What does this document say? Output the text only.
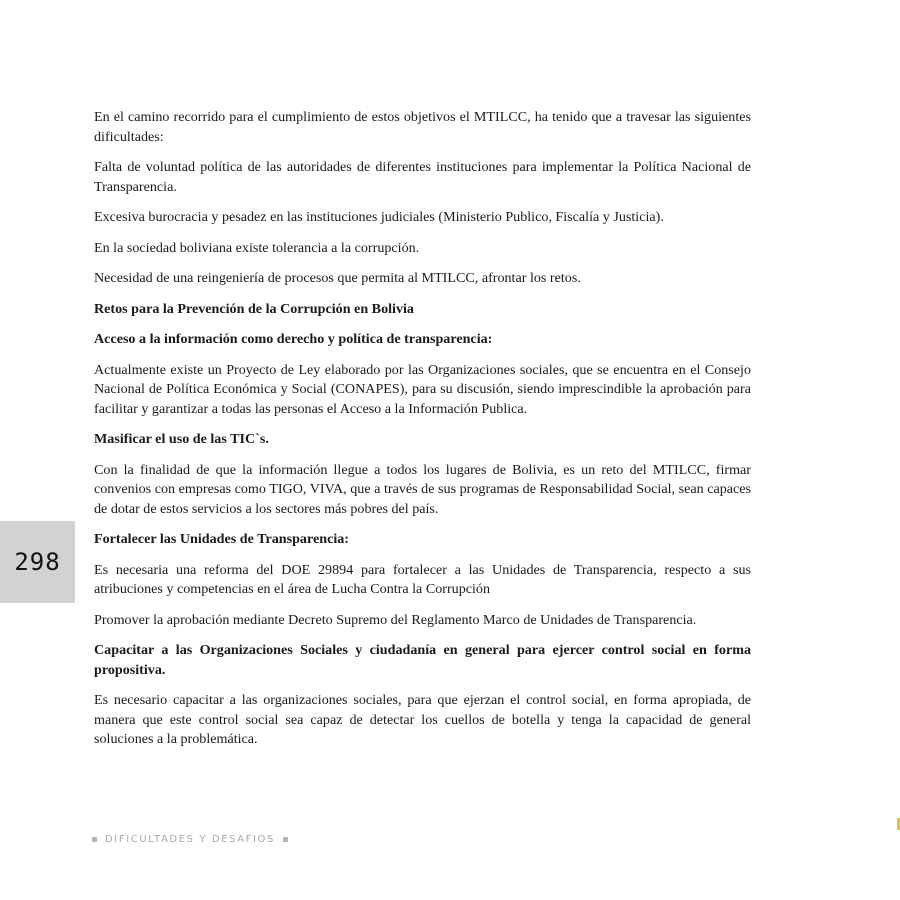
En el camino recorrido para el cumplimiento de estos objetivos el MTILCC, ha tenido que a travesar las siguientes dificultades:

Falta de voluntad política de las autoridades de diferentes instituciones para implementar la Política Nacional de Transparencia.

Excesiva burocracia y pesadez en las instituciones judiciales (Ministerio Publico, Fiscalía y Justicia).

En la sociedad boliviana existe tolerancia a la corrupción.

Necesidad de una reingeniería de procesos que permita al MTILCC, afrontar los retos.

Retos para la Prevención de la Corrupción en Bolivia

Acceso a la información como derecho y política de transparencia:

Actualmente existe un Proyecto de Ley elaborado por las Organizaciones sociales, que se encuentra en el Consejo Nacional de Política Económica y Social (CONAPES), para su discusión, siendo imprescindible la aprobación para facilitar y garantizar a todas las personas el Acceso a la Información Publica.

Masificar el uso de las TIC`s.

Con la finalidad de que la información llegue a todos los lugares de Bolivia, es un reto del MTILCC, firmar convenios con empresas como TIGO, VIVA, que a través de sus programas de Responsabilidad Social, sean capaces de dotar de estos servicios a los sectores más pobres del país.

Fortalecer las Unidades de Transparencia:

Es necesaria una reforma del DOE 29894 para fortalecer a las Unidades de Transparencia, respecto a sus atribuciones y competencias en el área de Lucha Contra la Corrupción

Promover la aprobación mediante Decreto Supremo del Reglamento Marco de Unidades de Transparencia.

Capacitar a las Organizaciones Sociales y ciudadanía en general para ejercer control social en forma propositiva.

Es necesario capacitar a las organizaciones sociales, para que ejerzan el control social, en forma apropiada, de manera que este control social sea capaz de detectar los cuellos de botella y tenga la capacidad de general soluciones a la problemática.

298
DIFICULTADES Y DESAFIOS
